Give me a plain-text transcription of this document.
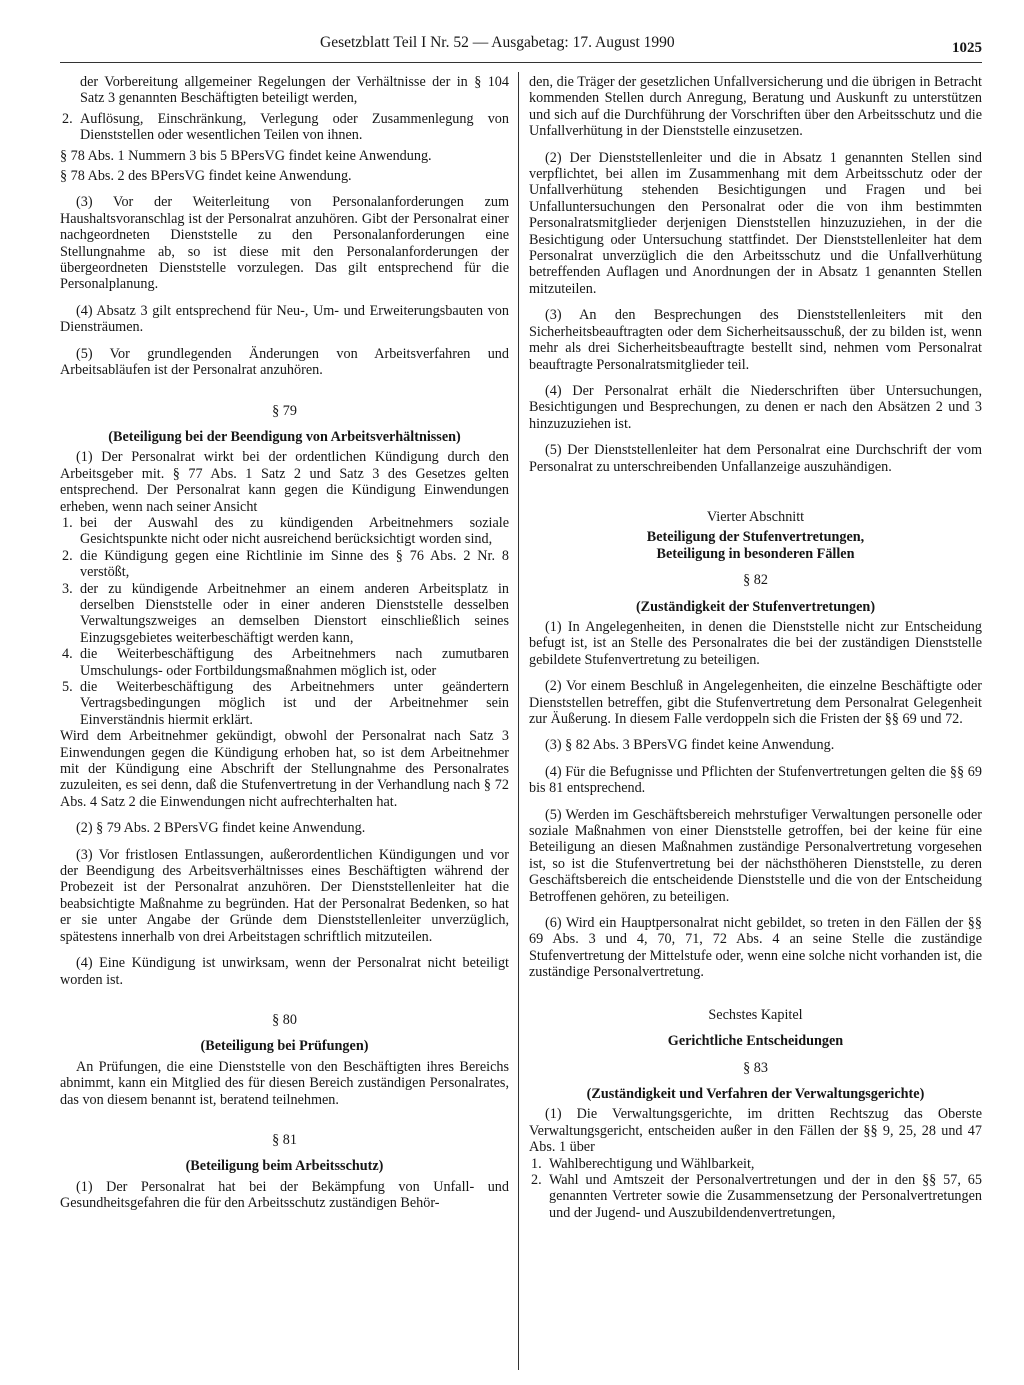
Gesetzblatt Teil I Nr. 52 — Ausgabetag: 17. August 1990	1025

der Vorbereitung allgemeiner Regelungen der Verhältnisse der in § 104 Satz 3 genannten Beschäftigten beteiligt werden,

2. Auflösung, Einschränkung, Verlegung oder Zusammenlegung von Dienststellen oder wesentlichen Teilen von ihnen.

§ 78 Abs. 1 Nummern 3 bis 5 BPersVG findet keine Anwendung.

§ 78 Abs. 2 des BPersVG findet keine Anwendung.

(3) Vor der Weiterleitung von Personalanforderungen zum Haushaltsvoranschlag ist der Personalrat anzuhören. Gibt der Personalrat einer nachgeordneten Dienststelle zu den Personalanforderungen eine Stellungnahme ab, so ist diese mit den Personalanforderungen der übergeordneten Dienststelle vorzulegen. Das gilt entsprechend für die Personalplanung.

(4) Absatz 3 gilt entsprechend für Neu-, Um- und Erweiterungsbauten von Diensträumen.

(5) Vor grundlegenden Änderungen von Arbeitsverfahren und Arbeitsabläufen ist der Personalrat anzuhören.

§ 79

(Beteiligung bei der Beendigung von Arbeitsverhältnissen)

(1) Der Personalrat wirkt bei der ordentlichen Kündigung durch den Arbeitsgeber mit. § 77 Abs. 1 Satz 2 und Satz 3 des Gesetzes gelten entsprechend. Der Personalrat kann gegen die Kündigung Einwendungen erheben, wenn nach seiner Ansicht

1. bei der Auswahl des zu kündigenden Arbeitnehmers soziale Gesichtspunkte nicht oder nicht ausreichend berücksichtigt worden sind,

2. die Kündigung gegen eine Richtlinie im Sinne des § 76 Abs. 2 Nr. 8 verstößt,

3. der zu kündigende Arbeitnehmer an einem anderen Arbeitsplatz in derselben Dienststelle oder in einer anderen Dienststelle desselben Verwaltungszweiges an demselben Dienstort einschließlich seines Einzugsgebietes weiterbeschäftigt werden kann,

4. die Weiterbeschäftigung des Arbeitnehmers nach zumutbaren Umschulungs- oder Fortbildungsmaßnahmen möglich ist, oder

5. die Weiterbeschäftigung des Arbeitnehmers unter geändertern Vertragsbedingungen möglich ist und der Arbeitnehmer sein Einverständnis hiermit erklärt.

Wird dem Arbeitnehmer gekündigt, obwohl der Personalrat nach Satz 3 Einwendungen gegen die Kündigung erhoben hat, so ist dem Arbeitnehmer mit der Kündigung eine Abschrift der Stellungnahme des Personalrates zuzuleiten, es sei denn, daß die Stufenvertretung in der Verhandlung nach § 72 Abs. 4 Satz 2 die Einwendungen nicht aufrechterhalten hat.

(2) § 79 Abs. 2 BPersVG findet keine Anwendung.

(3) Vor fristlosen Entlassungen, außerordentlichen Kündigungen und vor der Beendigung des Arbeitsverhältnisses eines Beschäftigten während der Probezeit ist der Personalrat anzuhören. Der Dienststellenleiter hat die beabsichtigte Maßnahme zu begründen. Hat der Personalrat Bedenken, so hat er sie unter Angabe der Gründe dem Dienststellenleiter unverzüglich, spätestens innerhalb von drei Arbeitstagen schriftlich mitzuteilen.

(4) Eine Kündigung ist unwirksam, wenn der Personalrat nicht beteiligt worden ist.

§ 80

(Beteiligung bei Prüfungen)

An Prüfungen, die eine Dienststelle von den Beschäftigten ihres Bereichs abnimmt, kann ein Mitglied des für diesen Bereich zuständigen Personalrates, das von diesem benannt ist, beratend teilnehmen.

§ 81

(Beteiligung beim Arbeitsschutz)

(1) Der Personalrat hat bei der Bekämpfung von Unfall- und Gesundheitsgefahren die für den Arbeitsschutz zuständigen Behör-

den, die Träger der gesetzlichen Unfallversicherung und die übrigen in Betracht kommenden Stellen durch Anregung, Beratung und Auskunft zu unterstützen und sich auf die Durchführung der Vorschriften über den Arbeitsschutz und die Unfallverhütung in der Dienststelle einzusetzen.

(2) Der Dienststellenleiter und die in Absatz 1 genannten Stellen sind verpflichtet, bei allen im Zusammenhang mit dem Arbeitsschutz oder der Unfallverhütung stehenden Besichtigungen und Fragen und bei Unfalluntersuchungen den Personalrat oder die von ihm bestimmten Personalratsmitglieder derjenigen Dienststellen hinzuzuziehen, in der die Besichtigung oder Untersuchung stattfindet. Der Dienststellenleiter hat dem Personalrat unverzüglich die den Arbeitsschutz und die Unfallverhütung betreffenden Auflagen und Anordnungen der in Absatz 1 genannten Stellen mitzuteilen.

(3) An den Besprechungen des Dienststellenleiters mit den Sicherheitsbeauftragten oder dem Sicherheitsausschuß, der zu bilden ist, wenn mehr als drei Sicherheitsbeauftragte bestellt sind, nehmen vom Personalrat beauftragte Personalratsmitglieder teil.

(4) Der Personalrat erhält die Niederschriften über Untersuchungen, Besichtigungen und Besprechungen, zu denen er nach den Absätzen 2 und 3 hinzuzuziehen ist.

(5) Der Dienststellenleiter hat dem Personalrat eine Durchschrift der vom Personalrat zu unterschreibenden Unfallanzeige auszuhändigen.

Vierter Abschnitt

Beteiligung der Stufenvertretungen,

Beteiligung in besonderen Fällen

§ 82

(Zuständigkeit der Stufenvertretungen)

(1) In Angelegenheiten, in denen die Dienststelle nicht zur Entscheidung befugt ist, ist an Stelle des Personalrates die bei der zuständigen Dienststelle gebildete Stufenvertretung zu beteiligen.

(2) Vor einem Beschluß in Angelegenheiten, die einzelne Beschäftigte oder Dienststellen betreffen, gibt die Stufenvertretung dem Personalrat Gelegenheit zur Äußerung. In diesem Falle verdoppeln sich die Fristen der §§ 69 und 72.

(3) § 82 Abs. 3 BPersVG findet keine Anwendung.

(4) Für die Befugnisse und Pflichten der Stufenvertretungen gelten die §§ 69 bis 81 entsprechend.

(5) Werden im Geschäftsbereich mehrstufiger Verwaltungen personelle oder soziale Maßnahmen von einer Dienststelle getroffen, bei der keine für eine Beteiligung an diesen Maßnahmen zuständige Personalvertretung vorgesehen ist, so ist die Stufenvertretung bei der nächsthöheren Dienststelle, zu deren Geschäftsbereich die entscheidende Dienststelle und die von der Entscheidung Betroffenen gehören, zu beteiligen.

(6) Wird ein Hauptpersonalrat nicht gebildet, so treten in den Fällen der §§ 69 Abs. 3 und 4, 70, 71, 72 Abs. 4 an seine Stelle die zuständige Stufenvertretung der Mittelstufe oder, wenn eine solche nicht vorhanden ist, die zuständige Personalvertretung.

Sechstes Kapitel

Gerichtliche Entscheidungen

§ 83

(Zuständigkeit und Verfahren der Verwaltungsgerichte)

(1) Die Verwaltungsgerichte, im dritten Rechtszug das Oberste Verwaltungsgericht, entscheiden außer in den Fällen der §§ 9, 25, 28 und 47 Abs. 1 über

1. Wahlberechtigung und Wählbarkeit,

2. Wahl und Amtszeit der Personalvertretungen und der in den §§ 57, 65 genannten Vertreter sowie die Zusammensetzung der Personalvertretungen und der Jugend- und Auszubildendenvertretungen,
